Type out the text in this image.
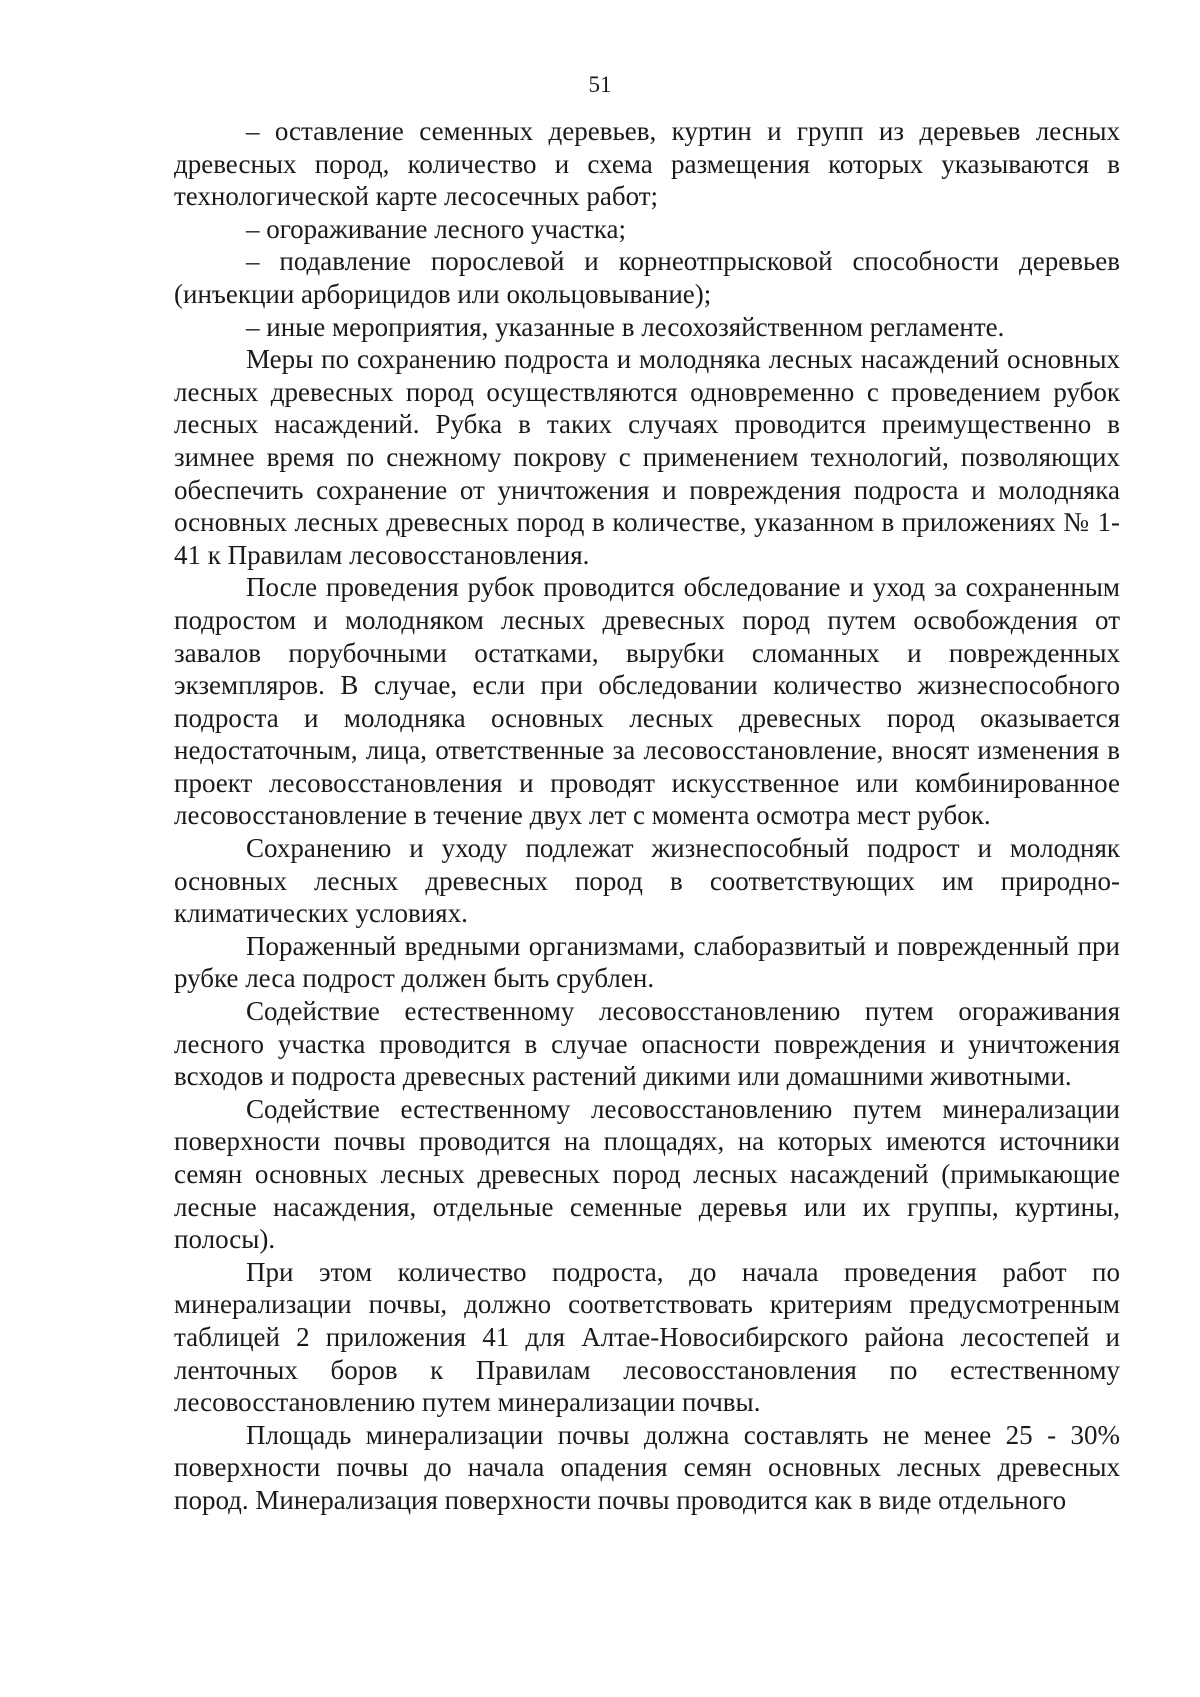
51

– оставление семенных деревьев, куртин и групп из деревьев лесных древесных пород, количество и схема размещения которых указываются в технологической карте лесосечных работ;

– огораживание лесного участка;

– подавление порослевой и корнеотпрысковой способности деревьев (инъекции арборицидов или окольцовывание);

– иные мероприятия, указанные в лесохозяйственном регламенте.

Меры по сохранению подроста и молодняка лесных насаждений основных лесных древесных пород осуществляются одновременно с проведением рубок лесных насаждений. Рубка в таких случаях проводится преимущественно в зимнее время по снежному покрову с применением технологий, позволяющих обеспечить сохранение от уничтожения и повреждения подроста и молодняка основных лесных древесных пород в количестве, указанном в приложениях № 1-41 к Правилам лесовосстановления.

После проведения рубок проводится обследование и уход за сохраненным подростом и молодняком лесных древесных пород путем освобождения от завалов порубочными остатками, вырубки сломанных и поврежденных экземпляров. В случае, если при обследовании количество жизнеспособного подроста и молодняка основных лесных древесных пород оказывается недостаточным, лица, ответственные за лесовосстановление, вносят изменения в проект лесовосстановления и проводят искусственное или комбинированное лесовосстановление в течение двух лет с момента осмотра мест рубок.

Сохранению и уходу подлежат жизнеспособный подрост и молодняк основных лесных древесных пород в соответствующих им природно-климатических условиях.

Пораженный вредными организмами, слаборазвитый и поврежденный при рубке леса подрост должен быть срублен.

Содействие естественному лесовосстановлению путем огораживания лесного участка проводится в случае опасности повреждения и уничтожения всходов и подроста древесных растений дикими или домашними животными.

Содействие естественному лесовосстановлению путем минерализации поверхности почвы проводится на площадях, на которых имеются источники семян основных лесных древесных пород лесных насаждений (примыкающие лесные насаждения, отдельные семенные деревья или их группы, куртины, полосы).

При этом количество подроста, до начала проведения работ по минерализации почвы, должно соответствовать критериям предусмотренным таблицей 2 приложения 41 для Алтае-Новосибирского района лесостепей и ленточных боров к Правилам лесовосстановления по естественному лесовосстановлению путем минерализации почвы.

Площадь минерализации почвы должна составлять не менее 25 - 30% поверхности почвы до начала опадения семян основных лесных древесных пород. Минерализация поверхности почвы проводится как в виде отдельного
